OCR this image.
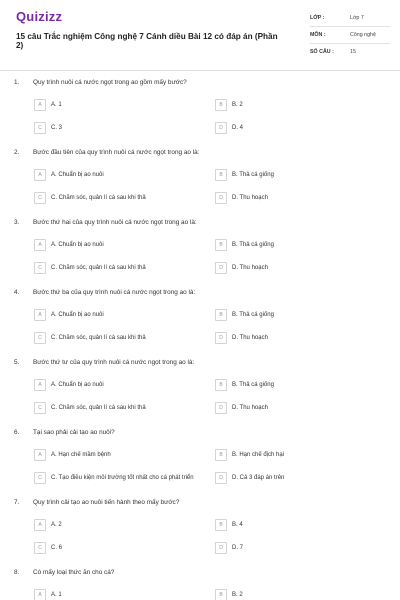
Quizizz
15 câu Trắc nghiệm Công nghệ 7 Cánh diều Bài 12 có đáp án (Phần 2)
LỚP :	Lớp 7
MÔN :	Công nghệ
SỐ CÂU :	15
1.	Quy trình nuôi cá nước ngọt trong ao gồm mấy bước?
A	A. 1	B	B. 2
C	C. 3	D	D. 4
2.	Bước đầu tiên của quy trình nuôi cá nước ngọt trong ao là:
A	A. Chuẩn bị ao nuôi	B	B. Thả cá giống
C	C. Chăm sóc, quản lí cá sau khi thả	D	D. Thu hoạch
3.	Bước thứ hai của quy trình nuôi cá nước ngọt trong ao là:
A	A. Chuẩn bị ao nuôi	B	B. Thả cá giống
C	C. Chăm sóc, quản lí cá sau khi thả	D	D. Thu hoạch
4.	Bước thứ ba của quy trình nuôi cá nước ngọt trong ao là:
A	A. Chuẩn bị ao nuôi	B	B. Thả cá giống
C	C. Chăm sóc, quản lí cá sau khi thả	D	D. Thu hoạch
5.	Bước thứ tư của quy trình nuôi cá nước ngọt trong ao là:
A	A. Chuẩn bị ao nuôi	B	B. Thả cá giống
C	C. Chăm sóc, quản lí cá sau khi thả	D	D. Thu hoạch
6.	Tại sao phải cải tạo ao nuôi?
A	A. Hạn chế mầm bệnh	B	B. Hạn chế địch hại
C	C. Tạo điều kiện môi trường tốt nhất cho cá phát triển	D	D. Cả 3 đáp án trên
7.	Quy trình cải tạo ao nuôi tiến hành theo mấy bước?
A	A. 2	B	B. 4
C	C. 6	D	D. 7
8.	Có mấy loại thức ăn cho cá?
A	A. 1	B	B. 2
